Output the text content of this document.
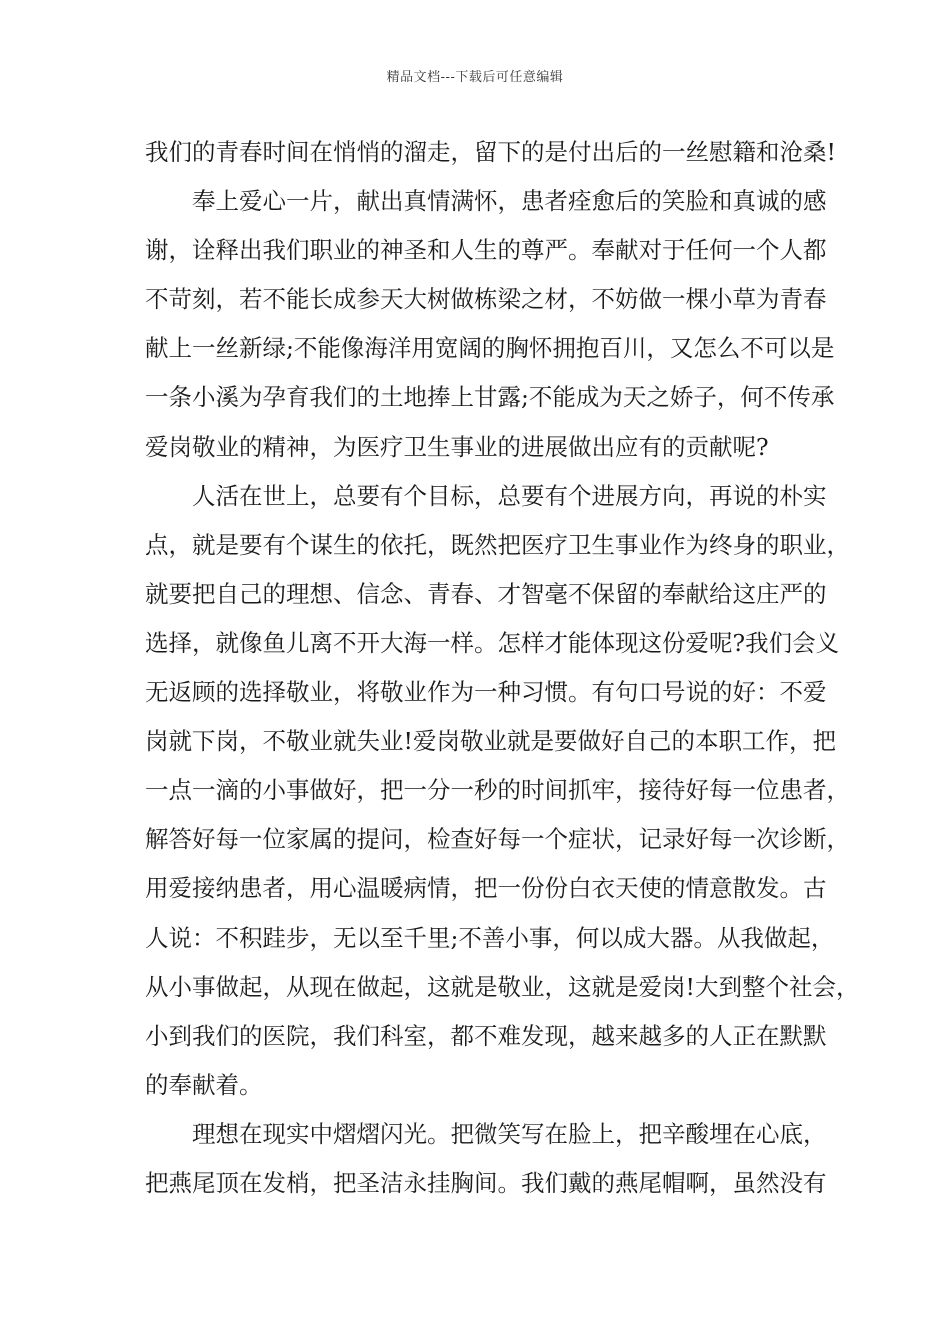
精品文档---下载后可任意编辑
我们的青春时间在悄悄的溜走，留下的是付出后的一丝慰籍和沧桑!
奉上爱心一片，献出真情满怀，患者痊愈后的笑脸和真诚的感
谢，诠释出我们职业的神圣和人生的尊严。奉献对于任何一个人都
不苛刻，若不能长成参天大树做栋梁之材，不妨做一棵小草为青春
献上一丝新绿;不能像海洋用宽阔的胸怀拥抱百川，又怎么不可以是
一条小溪为孕育我们的土地捧上甘露;不能成为天之娇子，何不传承
爱岗敬业的精神，为医疗卫生事业的进展做出应有的贡献呢?
人活在世上，总要有个目标，总要有个进展方向，再说的朴实
点，就是要有个谋生的依托，既然把医疗卫生事业作为终身的职业，
就要把自己的理想、信念、青春、才智毫不保留的奉献给这庄严的
选择，就像鱼儿离不开大海一样。怎样才能体现这份爱呢?我们会义
无返顾的选择敬业，将敬业作为一种习惯。有句口号说的好：不爱
岗就下岗，不敬业就失业!爱岗敬业就是要做好自己的本职工作，把
一点一滴的小事做好，把一分一秒的时间抓牢，接待好每一位患者，
解答好每一位家属的提问，检查好每一个症状，记录好每一次诊断，
用爱接纳患者，用心温暖病情，把一份份白衣天使的情意散发。古
人说：不积跬步，无以至千里;不善小事，何以成大器。从我做起，
从小事做起，从现在做起，这就是敬业，这就是爱岗!大到整个社会，
小到我们的医院，我们科室，都不难发现，越来越多的人正在默默
的奉献着。
理想在现实中熠熠闪光。把微笑写在脸上，把辛酸埋在心底，
把燕尾顶在发梢，把圣洁永挂胸间。我们戴的燕尾帽啊，虽然没有
